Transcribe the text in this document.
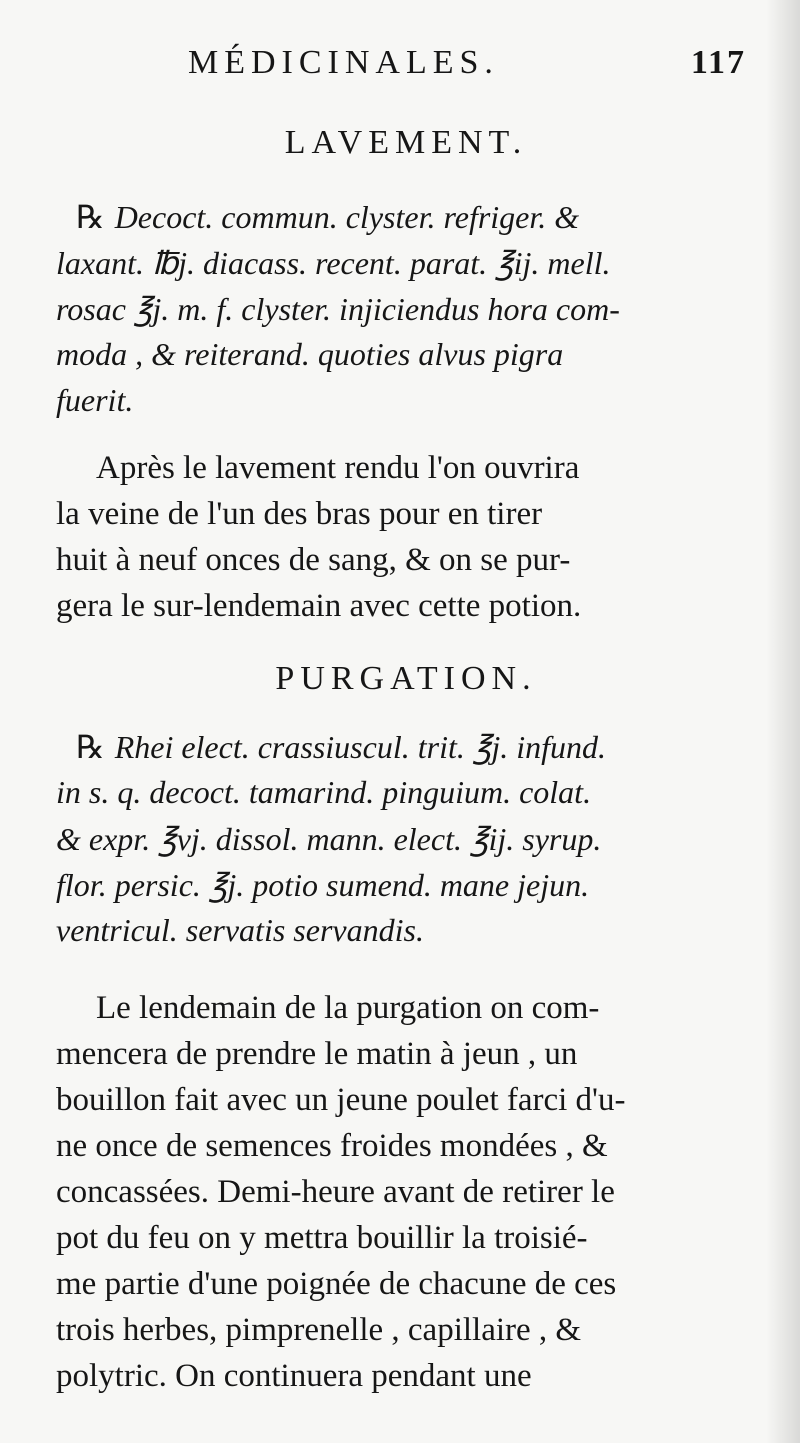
MÉDICINALES.	117
LAVEMENT.
℞ Decoct. commun. clyster. refriger. &
laxant. ℔j. diacass. recent. parat. ℥ij. mell.
rosac ℥j. m. f. clyster. injiciendus hora com-
moda , & reiterand. quoties alvus pigra
fuerit.
Après le lavement rendu l'on ouvrira
la veine de l'un des bras pour en tirer
huit à neuf onces de sang, & on se pur-
gera le sur-lendemain avec cette potion.
PURGATION.
℞ Rhei elect. crassiuscul. trit. ℥j. infund.
in s. q. decoct. tamarind. pinguium. colat.
& expr. ℥vj. dissol. mann. elect. ℥ij. syrup.
flor. persic. ℥j. potio sumend. mane jejun.
ventricul. servatis servandis.
Le lendemain de la purgation on com-
mencera de prendre le matin à jeun , un
bouillon fait avec un jeune poulet farci d'u-
ne once de semences froides mondées , &
concassées. Demi-heure avant de retirer le
pot du feu on y mettra bouillir la troisié-
me partie d'une poignée de chacune de ces
trois herbes, pimprenelle , capillaire , &
polytric. On continuera pendant une
